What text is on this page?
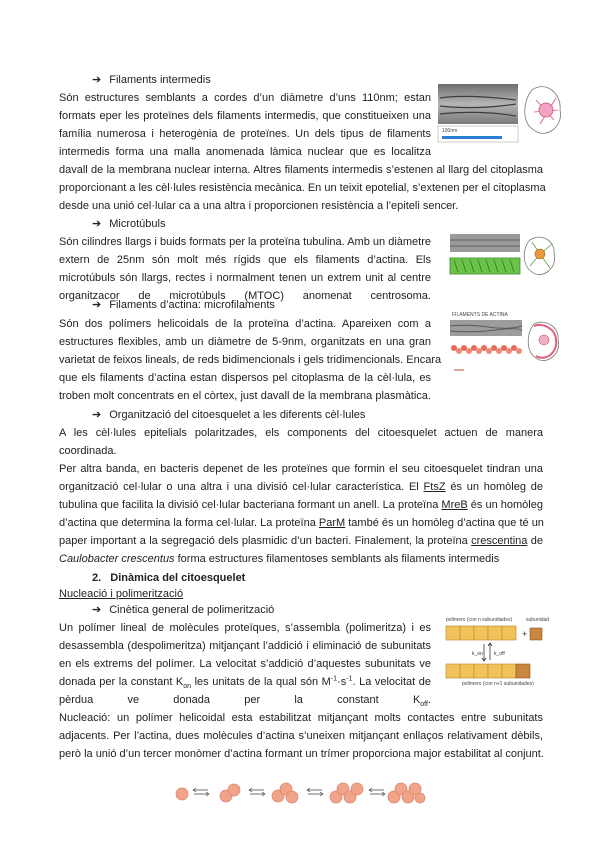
➔ Filaments intermedis
Són estructures semblants a cordes d’un diàmetre d’uns 110nm; estan
formats eper les proteïnes dels filaments intermedis, que constitueixen una
família numerosa i heterogènia de proteïnes. Un dels tipus de filaments
intermedis forma una malla anomenada làmica nuclear que es localitza
davall de la membrana nuclear interna. Altres filaments intermedis s’estenen al llarg del citoplasma
proporcionant a les cèl·lules resistència mecànica. En un teixit epotelial, s’extenen per el citoplasma
desde una unió cel·lular ca a una altra i proporcionen resistència a l’epiteli sencer.
100nm
➔ Microtúbuls
Són cilindres llargs i buids formats per la proteïna tubulina. Amb un diàmetre
extern de 25nm són molt més rígids que els filaments d’actina. Els
microtúbuls són llargs, rectes i normalment tenen un extrem unit al centre
organitzacor de microtúbuls (MTOC) anomenat centrosoma.
➔ Filaments d’actina: microfilaments
Són dos polímers helicoidals de la proteïna d’actina. Apareixen com a
estructures flexibles, amb un diàmetre de 5-9nm, organitzats en una gran
varietat de feixos lineals, de reds bidimencionals i gels tridimencionals. Encara
que els filaments d’actina estan dispersos pel citoplasma de la cèl·lula, es
troben molt concentrats en el còrtex, just davall de la membrana plasmàtica.
FILAMENTS DE ACTINA
➔ Organització del citoesquelet a les diferents cèl·lules
A les cèl·lules epitelials polaritzades, els components del citoesquelet actuen de manera
coordinada.
Per altra banda, en bacteris depenet de les proteïnes que formin el seu citoesquelet tindran una
organització cel·lular o una altra i una divisió cel·lular característica. El FtsZ és un homòleg de
tubulina que facilita la divisió cel·lular bacteriana formant un anell. La proteïna MreB és un homòleg
d’actina que determina la forma cel·lular. La proteïna ParM també és un homòleg d’actina que té un
paper important a la segregació dels plasmidic d’un bacteri. Finalement, la proteïna crescentina de
Caulobacter crescentus forma estructures filamentoses semblants als filaments intermedis
2. Dinàmica del citoesquelet
Nucleació i polimerització
➔ Cinètica general de polimerització
Un polímer lineal de molècules proteïques, s’assembla (polimeritza) i es
desassembla (despolimeritza) mitjançant l’addició i eliminació de subunitats
en els extrems del polímer. La velocitat s’addició d’aquestes subunitats ve
donada per la constant $K_{on}$ les unitats de la qual són $M^{-1}\cdot s^{-1}$. La velocitat de
pèrdua ve donada per la constant $K_{off}$.
Nucleació: un polímer helicoidal esta estabilitzat mitjançant molts contactes entre subunitats
adjacents. Per l’actina, dues molècules d’actina s’uneixen mitjançant enllaços relativament dèbils,
però la unió d’un tercer monòmer d’actina formant un trímer proporciona major estabilitat al conjunt.
polímero (con n subunidades)	subunidad
+
k_on k_off
polímero (con n+1 subunidades)
